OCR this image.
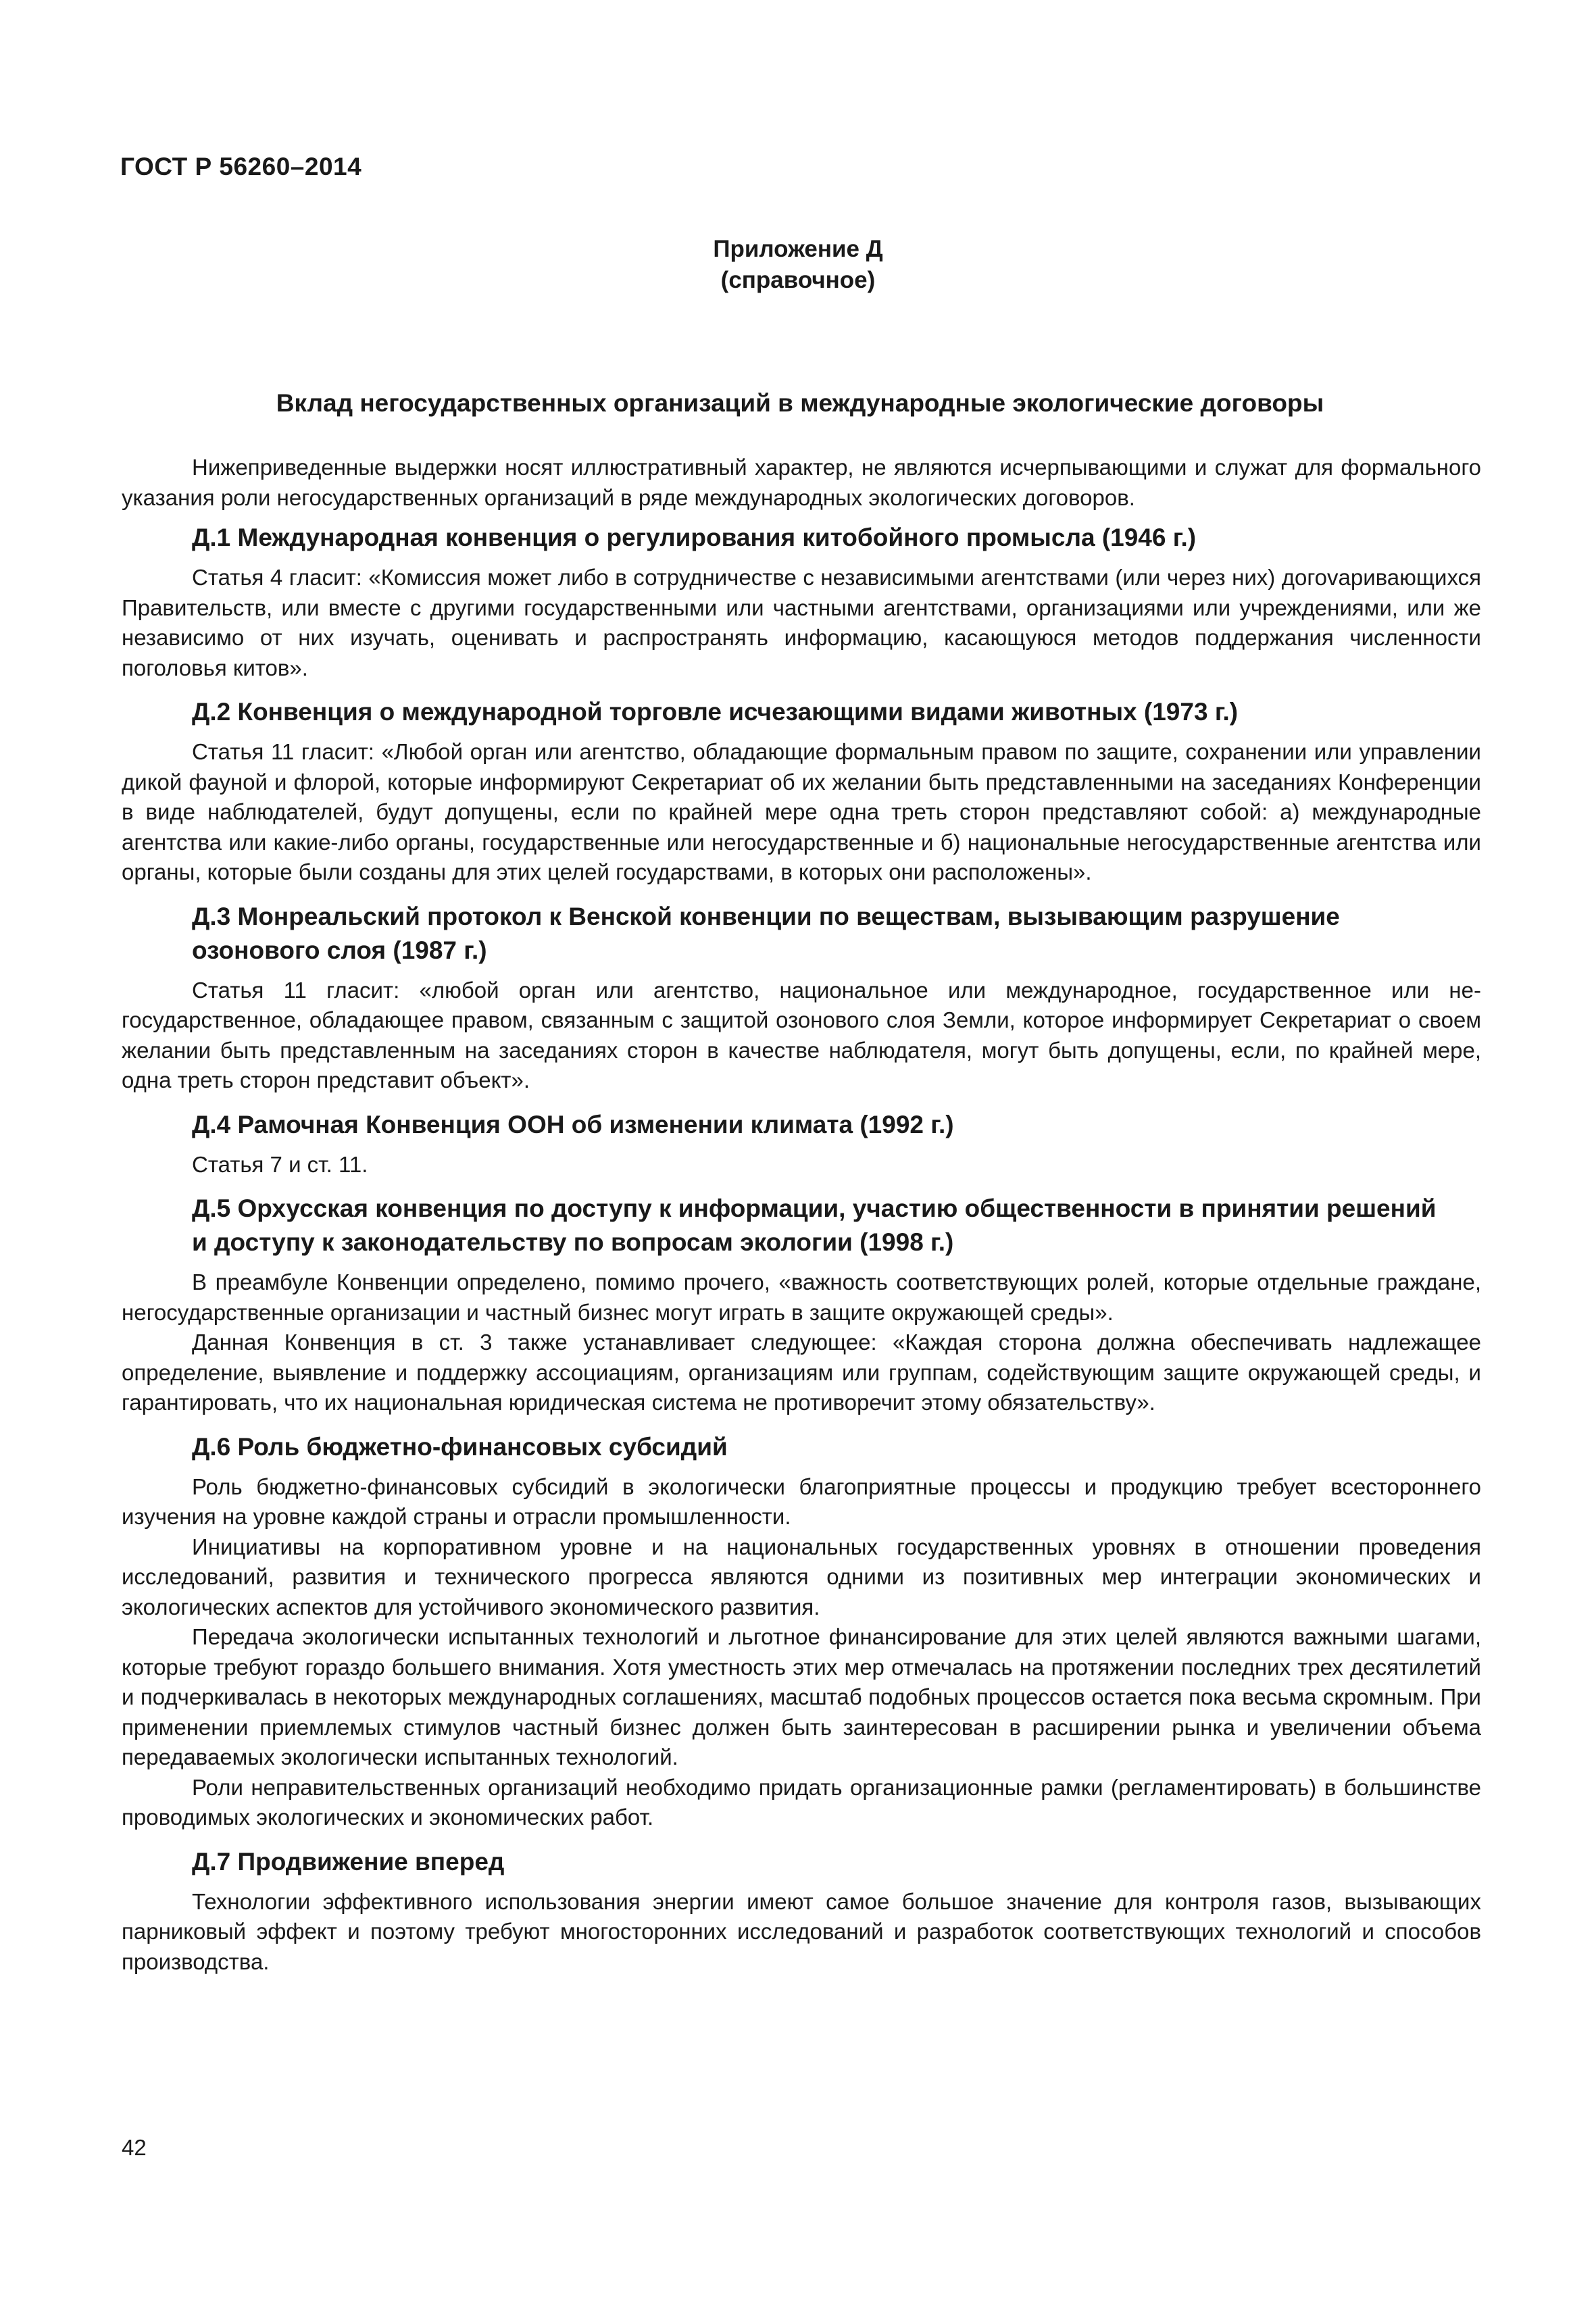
ГОСТ Р 56260–2014
Приложение Д
(справочное)
Вклад негосударственных организаций в международные экологические договоры

Нижеприведенные выдержки носят иллюстративный характер, не являются исчерпывающими и служат для формального указания роли негосударственных организаций в ряде международных экологических договоров.

Д.1 Международная конвенция о регулирования китобойного промысла (1946 г.)

Статья 4 гласит: «Комиссия может либо в сотрудничестве с независимыми агентствами (или через них) догоvаривающихся Правительств, или вместе с другими государственными или частными агентствами, организациями или учреждениями, или же независимо от них изучать, оценивать и распространять информацию, касающуюся методов поддержания численности поголовья китов».

Д.2 Конвенция о международной торговле исчезающими видами животных (1973 г.)

Статья 11 гласит: «Любой орган или агентство, обладающие формальным правом по защите, сохранении или управлении дикой фауной и флорой, которые информируют Секретариат об их желании быть представленными на заседаниях Конференции в виде наблюдателей, будут допущены, если по крайней мере одна треть сторон представляют собой: а) международные агентства или какие-либо органы, государственные или негосударственные и б) национальные негосударственные агентства или органы, которые были созданы для этих целей государствами, в которых они расположены».

Д.3 Монреальский протокол к Венской конвенции по веществам, вызывающим разрушение озонового слоя (1987 г.)

Статья 11 гласит: «любой орган или агентство, национальное или международное, государственное или негосударственное, обладающее правом, связанным с защитой озонового слоя Земли, которое информирует Секретариат о своем желании быть представленным на заседаниях сторон в качестве наблюдателя, могут быть допущены, если, по крайней мере, одна треть сторон представит объект».

Д.4 Рамочная Конвенция ООН об изменении климата (1992 г.)

Статья 7 и ст. 11.

Д.5 Орхусская конвенция по доступу к информации, участию общественности в принятии решений и доступу к законодательству по вопросам экологии (1998 г.)

В преамбуле Конвенции определено, помимо прочего, «важность соответствующих ролей, которые отдельные граждане, негосударственные организации и частный бизнес могут играть в защите окружающей среды».

Данная Конвенция в ст. 3 также устанавливает следующее: «Каждая сторона должна обеспечивать надлежащее определение, выявление и поддержку ассоциациям, организациям или группам, содействующим защите окружающей среды, и гарантировать, что их национальная юридическая система не противоречит этому обязательству».

Д.6 Роль бюджетно-финансовых субсидий

Роль бюджетно-финансовых субсидий в экологически благоприятные процессы и продукцию требует всестороннего изучения на уровне каждой страны и отрасли промышленности.

Инициативы на корпоративном уровне и на национальных государственных уровнях в отношении проведения исследований, развития и технического прогресса являются одними из позитивных мер интеграции экономических и экологических аспектов для устойчивого экономического развития.

Передача экологически испытанных технологий и льготное финансирование для этих целей являются важными шагами, которые требуют гораздо большего внимания. Хотя уместность этих мер отмечалась на протяжении последних трех десятилетий и подчеркивалась в некоторых международных соглашениях, масштаб подобных процессов остается пока весьма скромным. При применении приемлемых стимулов частный бизнес должен быть заинтересован в расширении рынка и увеличении объема передаваемых экологически испытанных технологий.

Роли неправительственных организаций необходимо придать организационные рамки (регламентировать) в большинстве проводимых экологических и экономических работ.

Д.7 Продвижение вперед

Технологии эффективного использования энергии имеют самое большое значение для контроля газов, вызывающих парниковый эффект и поэтому требуют многосторонних исследований и разработок соответствующих технологий и способов производства.

42
